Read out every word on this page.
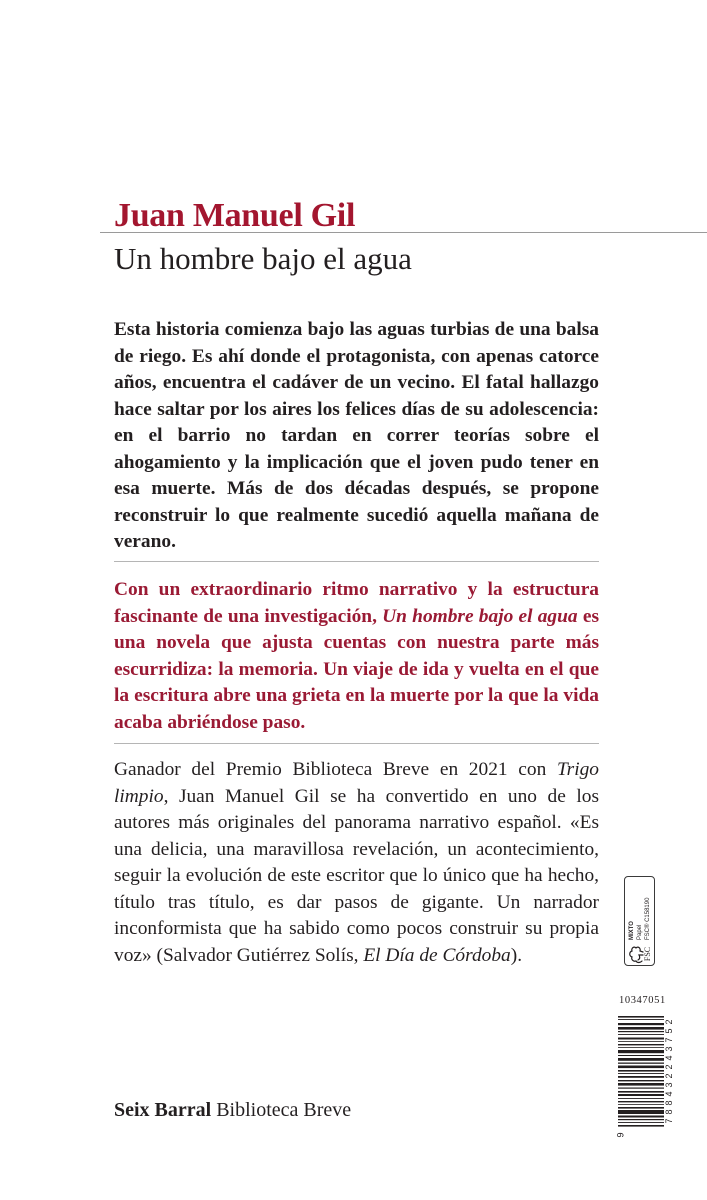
Juan Manuel Gil
Un hombre bajo el agua

Esta historia comienza bajo las aguas turbias de una balsa de riego. Es ahí donde el protagonista, con apenas catorce años, encuentra el cadáver de un vecino. El fatal hallazgo hace saltar por los aires los felices días de su adolescencia: en el barrio no tardan en correr teorías sobre el ahogamiento y la implicación que el joven pudo tener en esa muerte. Más de dos décadas después, se propone reconstruir lo que realmente sucedió aquella mañana de verano.

Con un extraordinario ritmo narrativo y la estructura fascinante de una investigación, Un hombre bajo el agua es una novela que ajusta cuentas con nuestra parte más escurridiza: la memoria. Un viaje de ida y vuelta en el que la escritura abre una grieta en la muerte por la que la vida acaba abriéndose paso.

Ganador del Premio Biblioteca Breve en 2021 con Trigo limpio, Juan Manuel Gil se ha convertido en uno de los autores más originales del panorama narrativo español. «Es una delicia, una maravillosa revelación, un acontecimiento, seguir la evolución de este escritor que lo único que ha hecho, título tras título, es dar pasos de gigante. Un narrador inconformista que ha sabido como pocos construir su propia voz» (Salvador Gutiérrez Solís, El Día de Córdoba).

Seix Barral Biblioteca Breve
FSC
MIXTO Papel FSC® C158190
10347051
7
8
8
4
3
2
2
4
3
7
5
2
9
